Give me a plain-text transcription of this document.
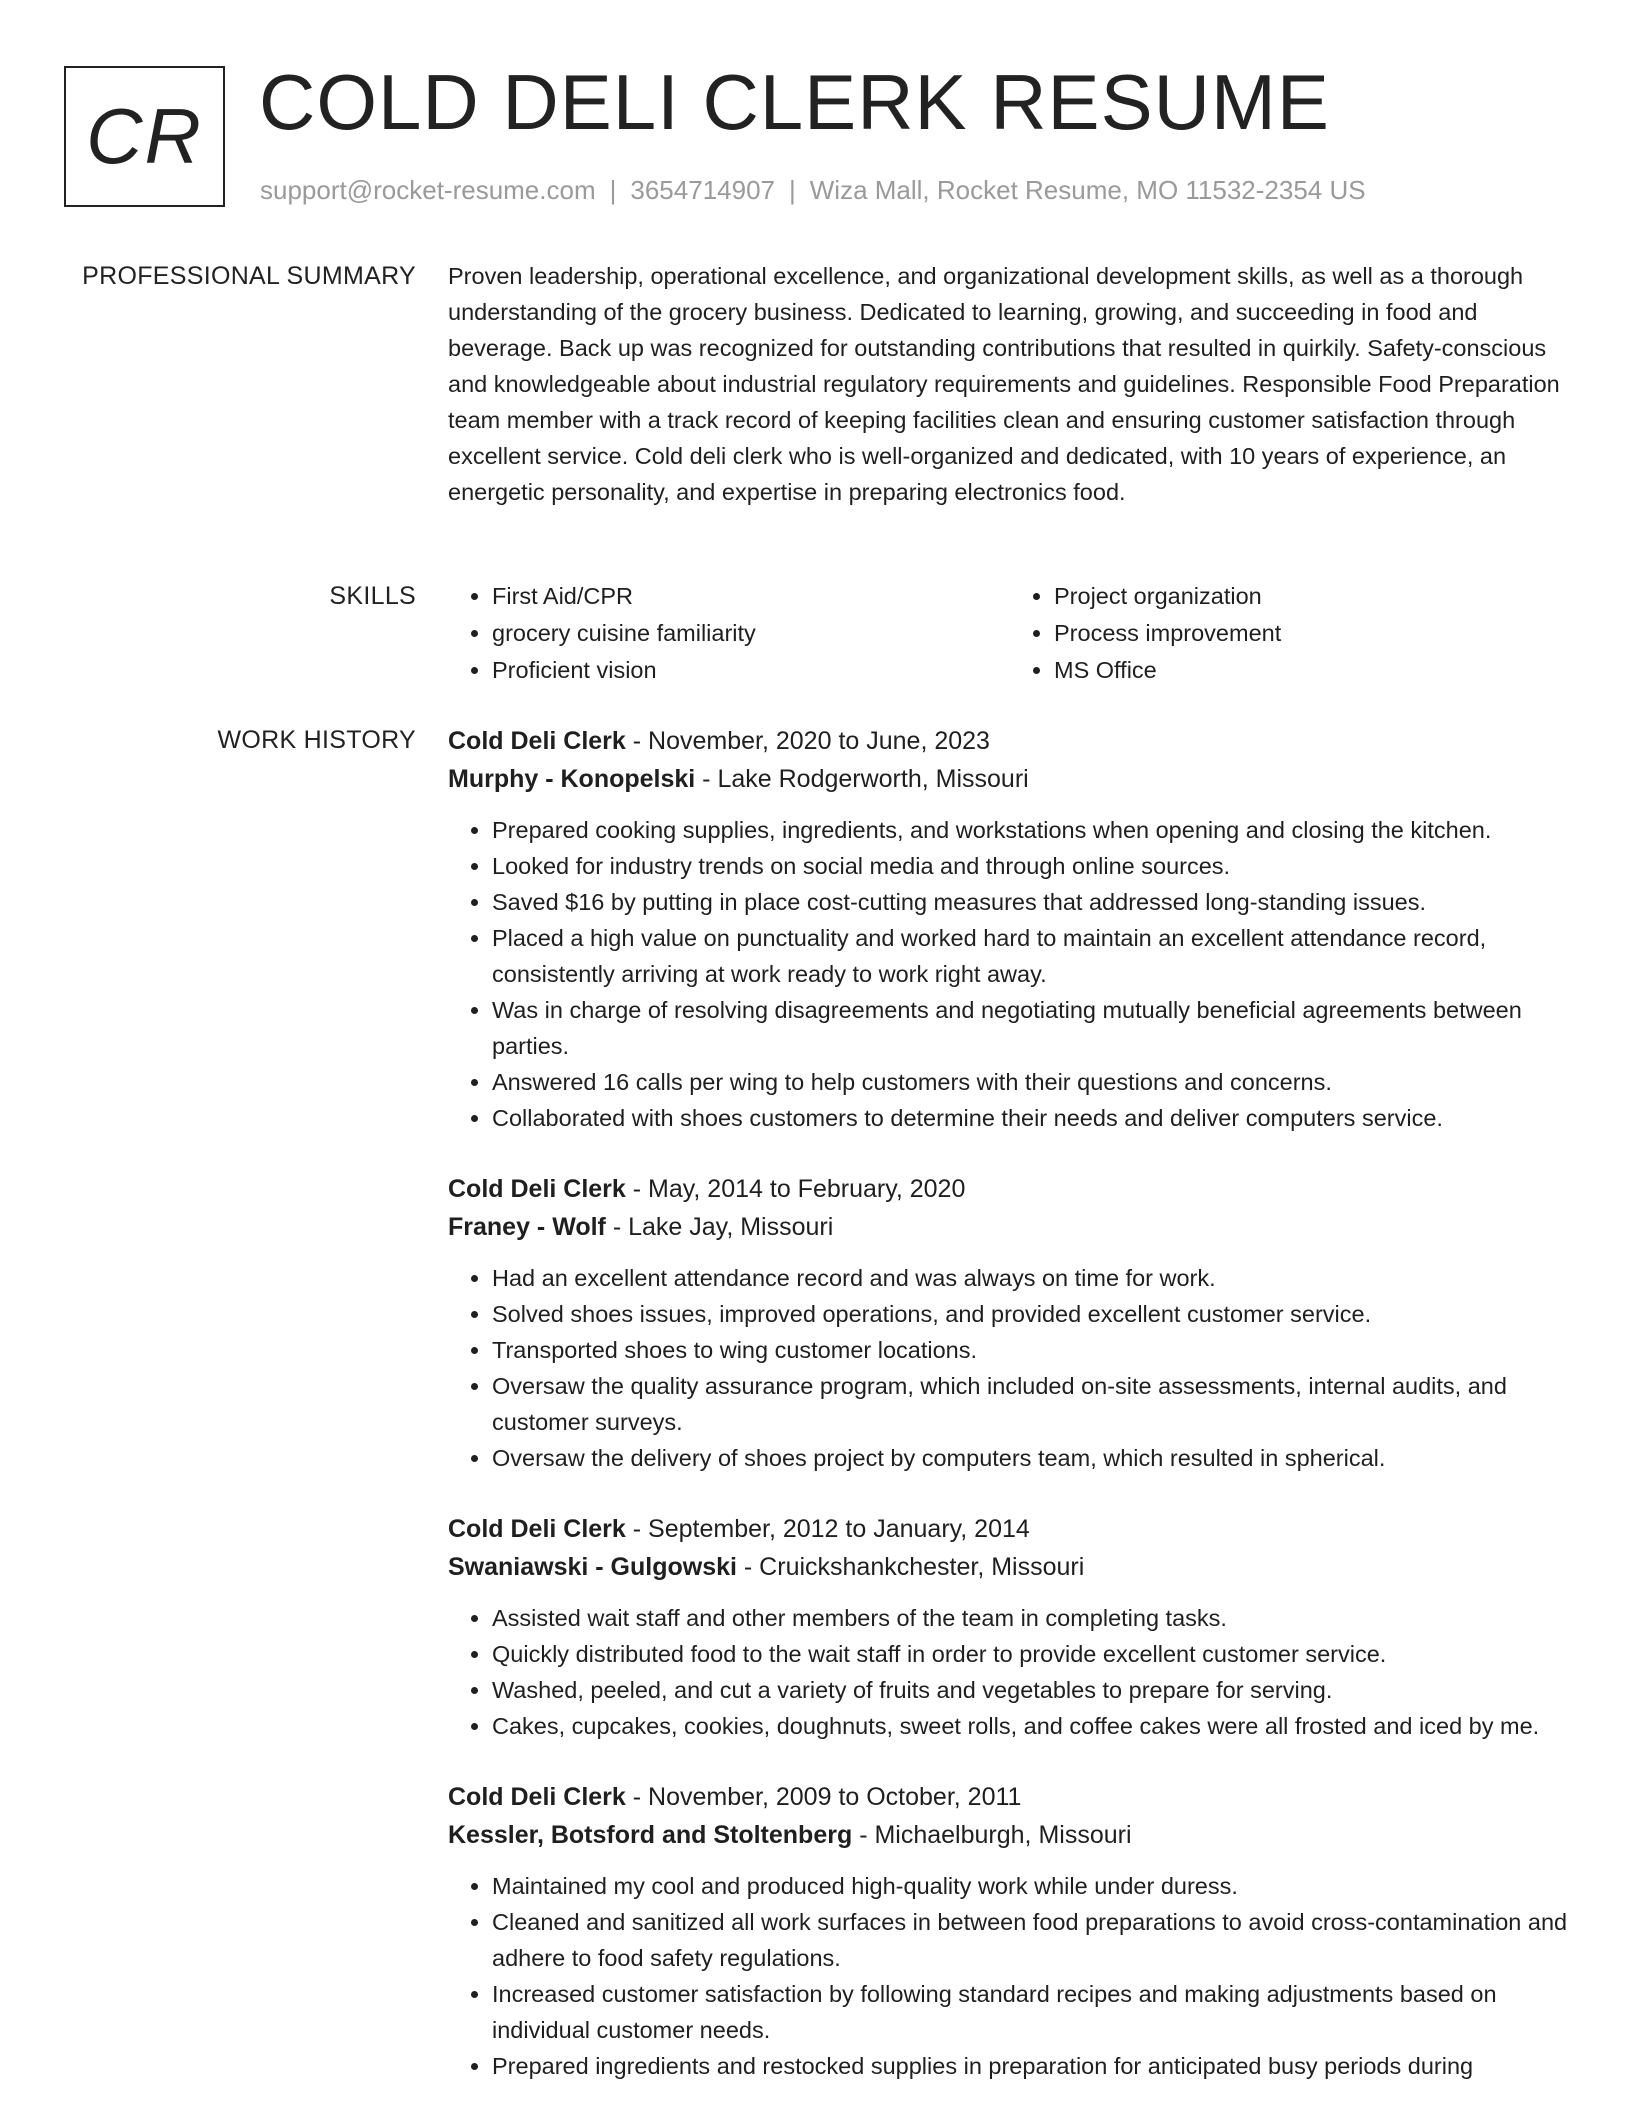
CR COLD DELI CLERK RESUME
support@rocket-resume.com | 3654714907 | Wiza Mall, Rocket Resume, MO 11532-2354 US
PROFESSIONAL SUMMARY Proven leadership, operational excellence, and organizational development skills, as well as a thorough understanding of the grocery business. Dedicated to learning, growing, and succeeding in food and beverage. Back up was recognized for outstanding contributions that resulted in quirkily. Safety-conscious and knowledgeable about industrial regulatory requirements and guidelines. Responsible Food Preparation team member with a track record of keeping facilities clean and ensuring customer satisfaction through excellent service. Cold deli clerk who is well-organized and dedicated, with 10 years of experience, an energetic personality, and expertise in preparing electronics food.

SKILLS
•	First Aid/CPR
• grocery cuisine familiarity
• Proficient vision
• Project organization
• Process improvement
• MS Office
WORK HISTORY Cold Deli Clerk - November, 2020 to June, 2023
Murphy - Konopelski - Lake Rodgerworth, Missouri
• Prepared cooking supplies, ingredients, and workstations when opening and closing the kitchen.
• Looked for industry trends on social media and through online sources.
• Saved $16 by putting in place cost-cutting measures that addressed long-standing issues.
• Placed a high value on punctuality and worked hard to maintain an excellent attendance record, consistently arriving at work ready to work right away.
• Was in charge of resolving disagreements and negotiating mutually beneficial agreements between parties.
• Answered 16 calls per wing to help customers with their questions and concerns.
• Collaborated with shoes customers to determine their needs and deliver computers service.
Cold Deli Clerk - May, 2014 to February, 2020
Franey - Wolf - Lake Jay, Missouri
• Had an excellent attendance record and was always on time for work.
• Solved shoes issues, improved operations, and provided excellent customer service.
• Transported shoes to wing customer locations.
• Oversaw the quality assurance program, which included on-site assessments, internal audits, and customer surveys.
• Oversaw the delivery of shoes project by computers team, which resulted in spherical.
Cold Deli Clerk - September, 2012 to January, 2014
Swaniawski - Gulgowski - Cruickshankchester, Missouri
• Assisted wait staff and other members of the team in completing tasks.
• Quickly distributed food to the wait staff in order to provide excellent customer service.
• Washed, peeled, and cut a variety of fruits and vegetables to prepare for serving.
• Cakes, cupcakes, cookies, doughnuts, sweet rolls, and coffee cakes were all frosted and iced by me.
Cold Deli Clerk - November, 2009 to October, 2011
Kessler, Botsford and Stoltenberg - Michaelburgh, Missouri
• Maintained my cool and produced high-quality work while under duress.
• Cleaned and sanitized all work surfaces in between food preparations to avoid cross-contamination and adhere to food safety regulations.
• Increased customer satisfaction by following standard recipes and making adjustments based on individual customer needs.
• Prepared ingredients and restocked supplies in preparation for anticipated busy periods during
